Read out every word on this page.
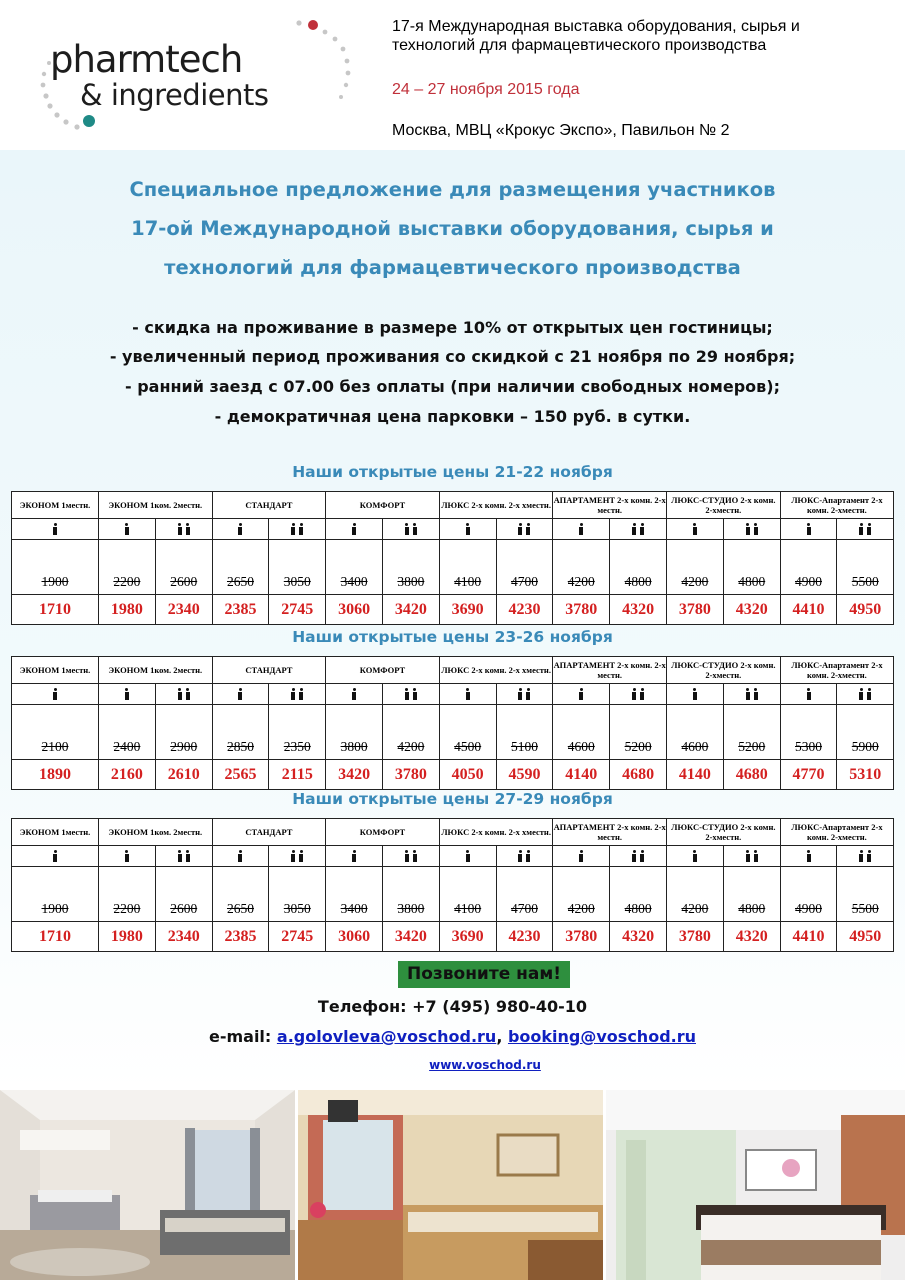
pharmtech
& ingredients
17-я Международная выставка оборудования, сырья и
технологий для фармацевтического производства
24 – 27 ноября 2015 года
Москва, МВЦ «Крокус Экспо», Павильон № 2
Специальное предложение для размещения участников
17-ой Международной выставки оборудования, сырья и
технологий для фармацевтического производства
- скидка на проживание в размере 10% от открытых цен гостиницы;
- увеличенный период проживания со скидкой с 21 ноября по 29 ноября;
- ранний заезд с 07.00 без оплаты (при наличии свободных номеров);
- демократичная цена парковки – 150 руб. в сутки.
Наши открытые цены 21-22 ноября
ЭКОНОМ 1местн.	ЭКОНОМ 1ком. 2местн.		СТАНДАРТ		КОМФОРТ		ЛЮКС 2-х комн. 2-х хместн.		АПАРТАМЕНТ 2-х комн. 2-х местн.		ЛЮКС-СТУДИО 2-х комн. 2-хместн.		ЛЮКС-Апартамент 2-х комн. 2-хместн.	

1900	2200	2600	2650	3050	3400	3800	4100	4700	4200	4800	4200	4800	4900	5500
1710	1980	2340	2385	2745	3060	3420	3690	4230	3780	4320	3780	4320	4410	4950
Наши открытые цены 23-26 ноября
ЭКОНОМ 1местн.	ЭКОНОМ 1ком. 2местн.		СТАНДАРТ		КОМФОРТ		ЛЮКС 2-х комн. 2-х хместн.		АПАРТАМЕНТ 2-х комн. 2-х местн.		ЛЮКС-СТУДИО 2-х комн. 2-хместн.		ЛЮКС-Апартамент 2-х комн. 2-хместн.	

2100	2400	2900	2850	2350	3800	4200	4500	5100	4600	5200	4600	5200	5300	5900
1890	2160	2610	2565	2115	3420	3780	4050	4590	4140	4680	4140	4680	4770	5310
Наши открытые цены 27-29 ноября
ЭКОНОМ 1местн.	ЭКОНОМ 1ком. 2местн.		СТАНДАРТ		КОМФОРТ		ЛЮКС 2-х комн. 2-х хместн.		АПАРТАМЕНТ 2-х комн. 2-х местн.		ЛЮКС-СТУДИО 2-х комн. 2-хместн.		ЛЮКС-Апартамент 2-х комн. 2-хместн.	

1900	2200	2600	2650	3050	3400	3800	4100	4700	4200	4800	4200	4800	4900	5500
1710	1980	2340	2385	2745	3060	3420	3690	4230	3780	4320	3780	4320	4410	4950
Позвоните нам!
Телефон: +7 (495) 980-40-10
e-mail: a.golovleva@voschod.ru, booking@voschod.ru
www.voschod.ru
